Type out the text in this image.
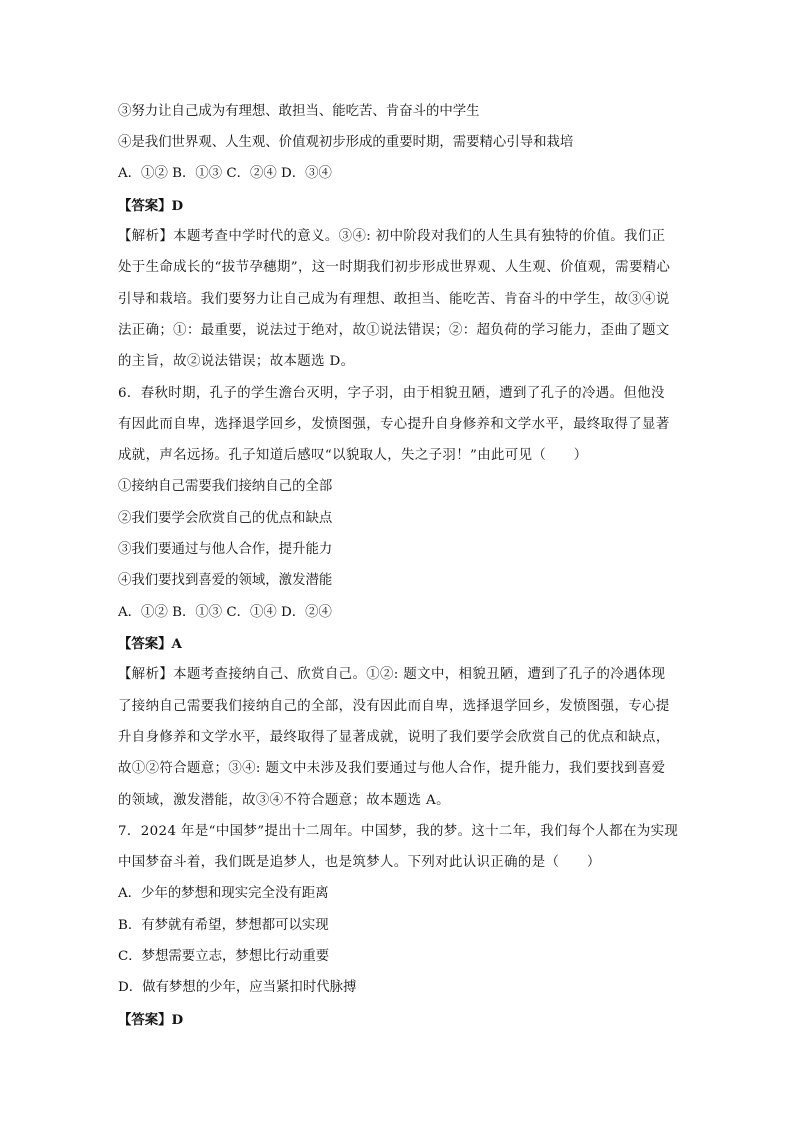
③努力让自己成为有理想、敢担当、能吃苦、肯奋斗的中学生
④是我们世界观、人生观、价值观初步形成的重要时期，需要精心引导和栽培
A．①② B．①③ C．②④ D．③④
【答案】D
【解析】本题考查中学时代的意义。③④: 初中阶段对我们的人生具有独特的价值。我们正
处于生命成长的“拔节孕穗期”，这一时期我们初步形成世界观、人生观、价值观，需要精心
引导和栽培。我们要努力让自己成为有理想、敢担当、能吃苦、肯奋斗的中学生，故③④说
法正确；①：最重要，说法过于绝对，故①说法错误；②：超负荷的学习能力，歪曲了题文
的主旨，故②说法错误；故本题选 D。
6．春秋时期，孔子的学生澹台灭明，字子羽，由于相貌丑陋，遭到了孔子的冷遇。但他没
有因此而自卑，选择退学回乡，发愤图强，专心提升自身修养和文学水平，最终取得了显著
成就，声名远扬。孔子知道后感叹“以貌取人，失之子羽！”由此可见（　　）
①接纳自己需要我们接纳自己的全部
②我们要学会欣赏自己的优点和缺点
③我们要通过与他人合作，提升能力
④我们要找到喜爱的领域，激发潜能
A．①② B．①③ C．①④ D．②④
【答案】A
【解析】本题考查接纳自己、欣赏自己。①②: 题文中，相貌丑陋，遭到了孔子的冷遇体现
了接纳自己需要我们接纳自己的全部，没有因此而自卑，选择退学回乡，发愤图强，专心提
升自身修养和文学水平，最终取得了显著成就，说明了我们要学会欣赏自己的优点和缺点，
故①②符合题意；③④: 题文中未涉及我们要通过与他人合作，提升能力，我们要找到喜爱
的领域，激发潜能，故③④不符合题意；故本题选 A。
7．2024 年是“中国梦”提出十二周年。中国梦，我的梦。这十二年，我们每个人都在为实现
中国梦奋斗着，我们既是追梦人，也是筑梦人。下列对此认识正确的是（　　）
A．少年的梦想和现实完全没有距离
B．有梦就有希望，梦想都可以实现
C．梦想需要立志，梦想比行动重要
D．做有梦想的少年，应当紧扣时代脉搏
【答案】D
